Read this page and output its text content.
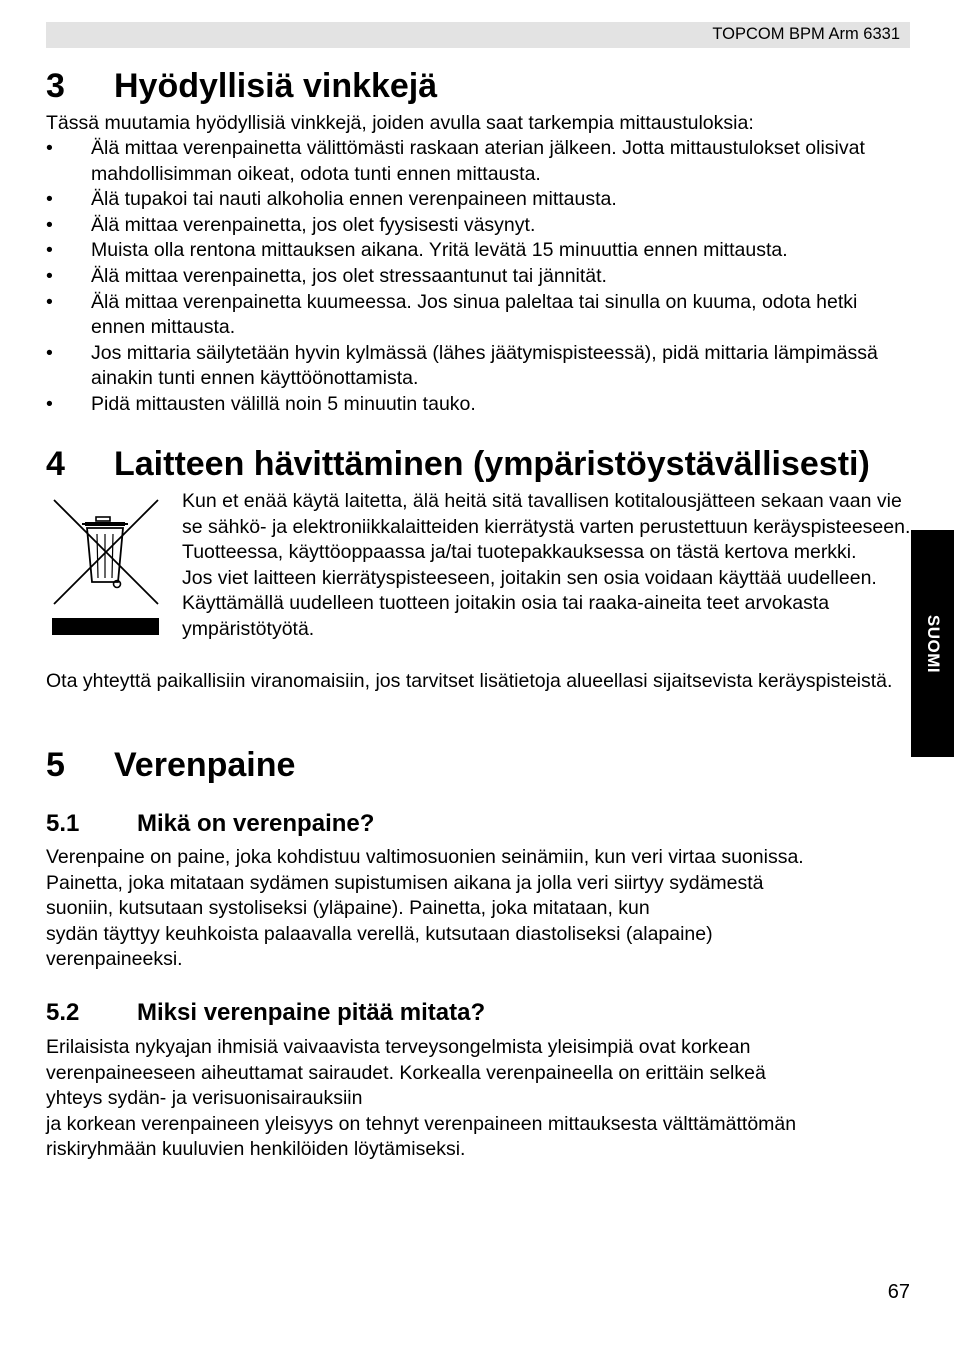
TOPCOM BPM Arm 6331
3 Hyödyllisiä vinkkejä

Tässä muutamia hyödyllisiä vinkkejä, joiden avulla saat tarkempia mittaustuloksia:

• Älä mittaa verenpainetta välittömästi raskaan aterian jälkeen. Jotta mittaustulokset olisivat mahdollisimman oikeat, odota tunti ennen mittausta.
• Älä tupakoi tai nauti alkoholia ennen verenpaineen mittausta.
• Älä mittaa verenpainetta, jos olet fyysisesti väsynyt.
• Muista olla rentona mittauksen aikana. Yritä levätä 15 minuuttia ennen mittausta.
• Älä mittaa verenpainetta, jos olet stressaantunut tai jännität.
• Älä mittaa verenpainetta kuumeessa. Jos sinua paleltaa tai sinulla on kuuma, odota hetki ennen mittausta.
• Jos mittaria säilytetään hyvin kylmässä (lähes jäätymispisteessä), pidä mittaria lämpimässä ainakin tunti ennen käyttöönottamista.
• Pidä mittausten välillä noin 5 minuutin tauko.
4 Laitteen hävittäminen (ympäristöystävällisesti)

Kun et enää käytä laitetta, älä heitä sitä tavallisen kotitalousjätteen sekaan vaan vie se sähkö- ja elektroniikkalaitteiden kierrätystä varten perustettuun keräyspisteeseen. Tuotteessa, käyttöoppaassa ja/tai tuotepakkauksessa on tästä kertova merkki.

Jos viet laitteen kierrätyspisteeseen, joitakin sen osia voidaan käyttää uudelleen. Käyttämällä uudelleen tuotteen joitakin osia tai raaka-aineita teet arvokasta ympäristötyötä.

Ota yhteyttä paikallisiin viranomaisiin, jos tarvitset lisätietoja alueellasi sijaitsevista keräyspisteistä.

5 Verenpaine
5.1 Mikä on verenpaine?
Verenpaine on paine, joka kohdistuu valtimosuonien seinämiin, kun veri virtaa suonissa.
Painetta, joka mitataan sydämen supistumisen aikana ja jolla veri siirtyy sydämestä
suoniin, kutsutaan systoliseksi (yläpaine). Painetta, joka mitataan, kun
sydän täyttyy keuhkoista palaavalla verellä, kutsutaan diastoliseksi (alapaine)
verenpaineeksi.
5.2 Miksi verenpaine pitää mitata?
Erilaisista nykyajan ihmisiä vaivaavista terveysongelmista yleisimpiä ovat korkean
verenpaineeseen aiheuttamat sairaudet. Korkealla verenpaineella on erittäin selkeä
yhteys sydän- ja verisuonisairauksiin
ja korkean verenpaineen yleisyys on tehnyt verenpaineen mittauksesta välttämättömän
riskiryhmään kuuluvien henkilöiden löytämiseksi.
SUOMI
67
